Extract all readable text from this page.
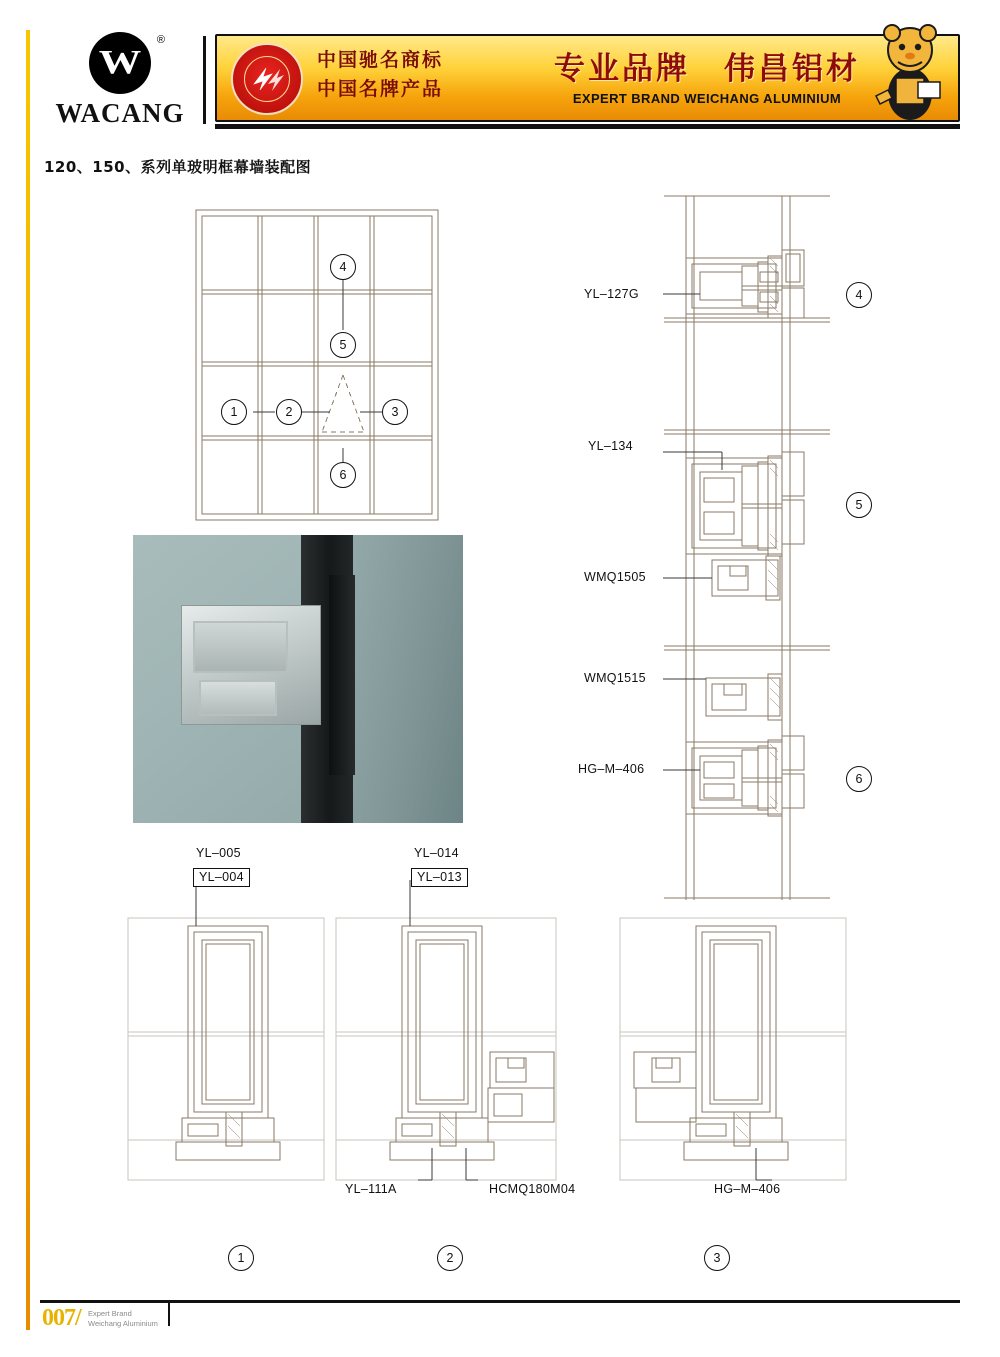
W
®
WACANG
中国驰名商标
中国名牌产品
专业品牌　伟昌铝材
EXPERT BRAND WEICHANG ALUMINIUM
120、150、系列单玻明框幕墙装配图
4
5
6
1	2	3
YL–127G	4
YL–134
WMQ1505
5
WMQ1515
HG–M–406
6
YL–005
YL–004
YL–014
YL–013
YL–111A	HCMQ180M04	HG–M–406
1	2	3
007/ Expert Brand
Weichang Aluminium
